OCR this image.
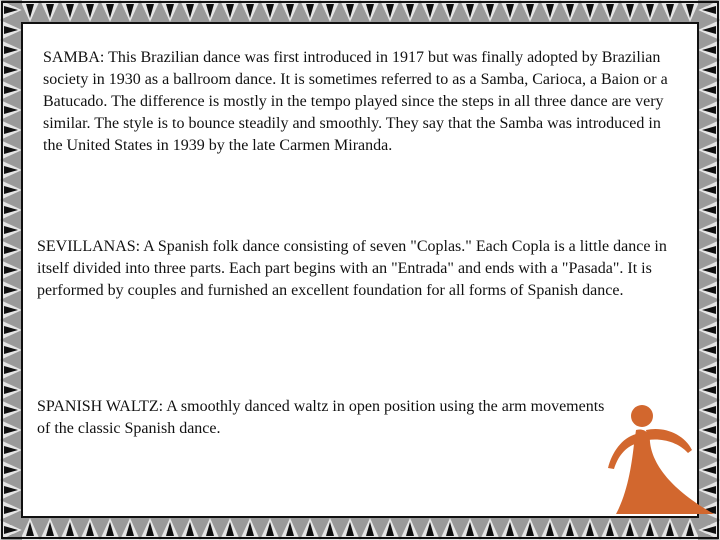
SAMBA: This Brazilian dance was first introduced in 1917 but was finally adopted by Brazilian society in 1930 as a ballroom dance. It is sometimes referred to as a Samba, Carioca, a Baion or a Batucado. The difference is mostly in the tempo played since the steps in all three dance are very similar. The style is to bounce steadily and smoothly. They say that the Samba was introduced in the United States in 1939 by the late Carmen Miranda.

SEVILLANAS: A Spanish folk dance consisting of seven "Coplas." Each Copla is a little dance in itself divided into three parts. Each part begins with an "Entrada" and ends with a "Pasada". It is performed by couples and furnished an excellent foundation for all forms of Spanish dance.

SPANISH WALTZ: A smoothly danced waltz in open position using the arm movements of the classic Spanish dance.
